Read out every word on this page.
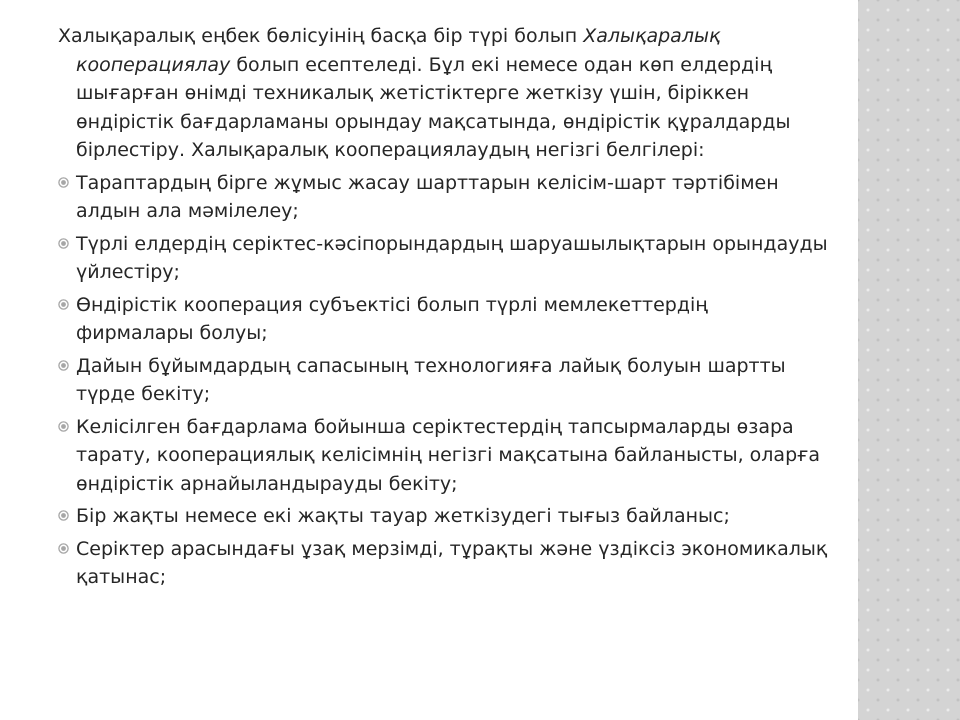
Халықаралық еңбек бөлісуінің басқа бір түрі болып Халықаралық кооперациялау болып есептеледі. Бұл екі немесе одан көп елдердің шығарған өнімді техникалық жетістіктерге жеткізу үшін, біріккен өндірістік бағдарламаны орындау мақсатында, өндірістік құралдарды бірлестіру. Халықаралық кооперациялаудың негізгі белгілері:

Тараптардың бірге жұмыс жасау шарттарын келісім-шарт тәртібімен алдын ала мәмілелеу;
Түрлі елдердің серіктес-кәсіпорындардың шаруашылықтарын орындауды үйлестіру;
Өндірістік кооперация субъектісі болып түрлі мемлекеттердің фирмалары болуы;
Дайын бұйымдардың сапасының технологияға лайық болуын шартты түрде бекіту;
Келісілген бағдарлама бойынша серіктестердің тапсырмаларды өзара тарату, кооперациялық келісімнің негізгі мақсатына байланысты, оларға өндірістік арнайыландырауды бекіту;
Бір жақты немесе екі жақты тауар жеткізудегі тығыз байланыс;
Серіктер арасындағы ұзақ мерзімді, тұрақты және үздіксіз экономикалық қатынас;
